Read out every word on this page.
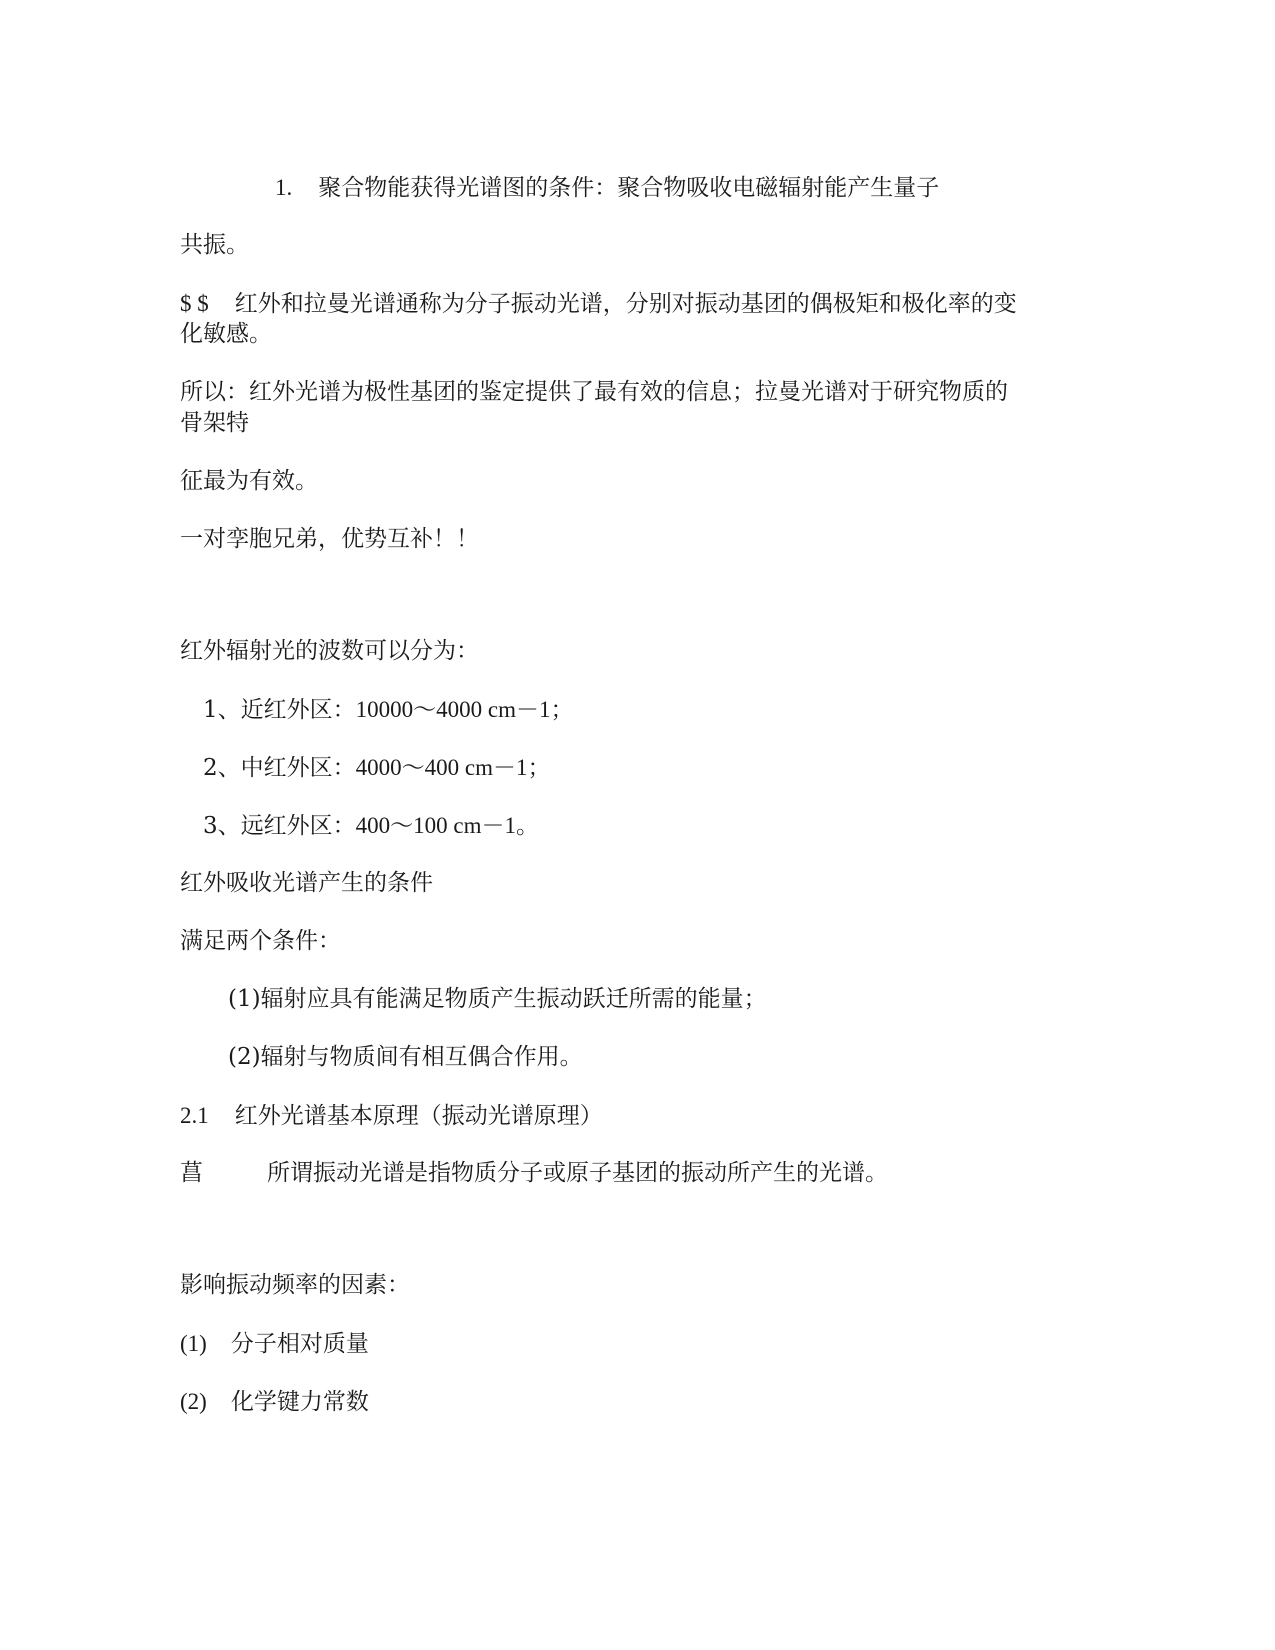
1. 聚合物能获得光谱图的条件：聚合物吸收电磁辐射能产生量子
共振。
$ $ 红外和拉曼光谱通称为分子振动光谱，分别对振动基团的偶极矩和极化率的变
化敏感。
所以：红外光谱为极性基团的鉴定提供了最有效的信息；拉曼光谱对于研究物质的
骨架特
征最为有效。
一对孪胞兄弟，优势互补！！
红外辐射光的波数可以分为：
1、近红外区：10000～4000 cm－1；
2、中红外区：4000～400 cm－1；
3、远红外区：400～100 cm－1。
红外吸收光谱产生的条件
满足两个条件：
(1)辐射应具有能满足物质产生振动跃迁所需的能量；
(2)辐射与物质间有相互偶合作用。
2.1 红外光谱基本原理（振动光谱原理）
菖	所谓振动光谱是指物质分子或原子基团的振动所产生的光谱。
影响振动频率的因素：
(1) 分子相对质量
(2) 化学键力常数
